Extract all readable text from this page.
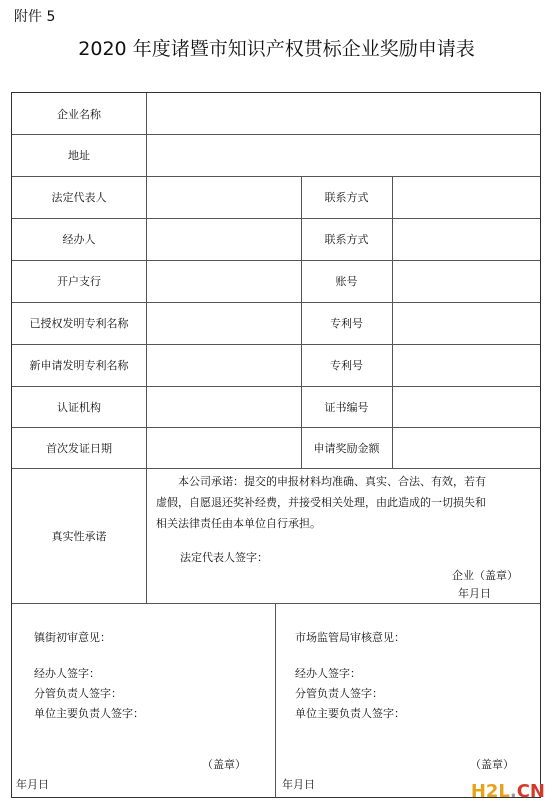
附件 5
2020 年度诸暨市知识产权贯标企业奖励申请表
企业名称
地址
法定代表人	联系方式
经办人	联系方式
开户支行	账号
已授权发明专利名称	专利号
新申请发明专利名称	专利号
认证机构	证书编号
首次发证日期	申请奖励金额
真实性承诺

本公司承诺：提交的申报材料均准确、真实、合法、有效，若有

虚假，自愿退还奖补经费，并接受相关处理，由此造成的一切损失和

相关法律责任由本单位自行承担。

法定代表人签字：
企业（盖章）
年月日
镇街初审意见：
经办人签字：
分管负责人签字：
单位主要负责人签字：
（盖章）
年月日
市场监管局审核意见：
经办人签字：
分管负责人签字：
单位主要负责人签字：
（盖章）
年月日	H2L.CN
